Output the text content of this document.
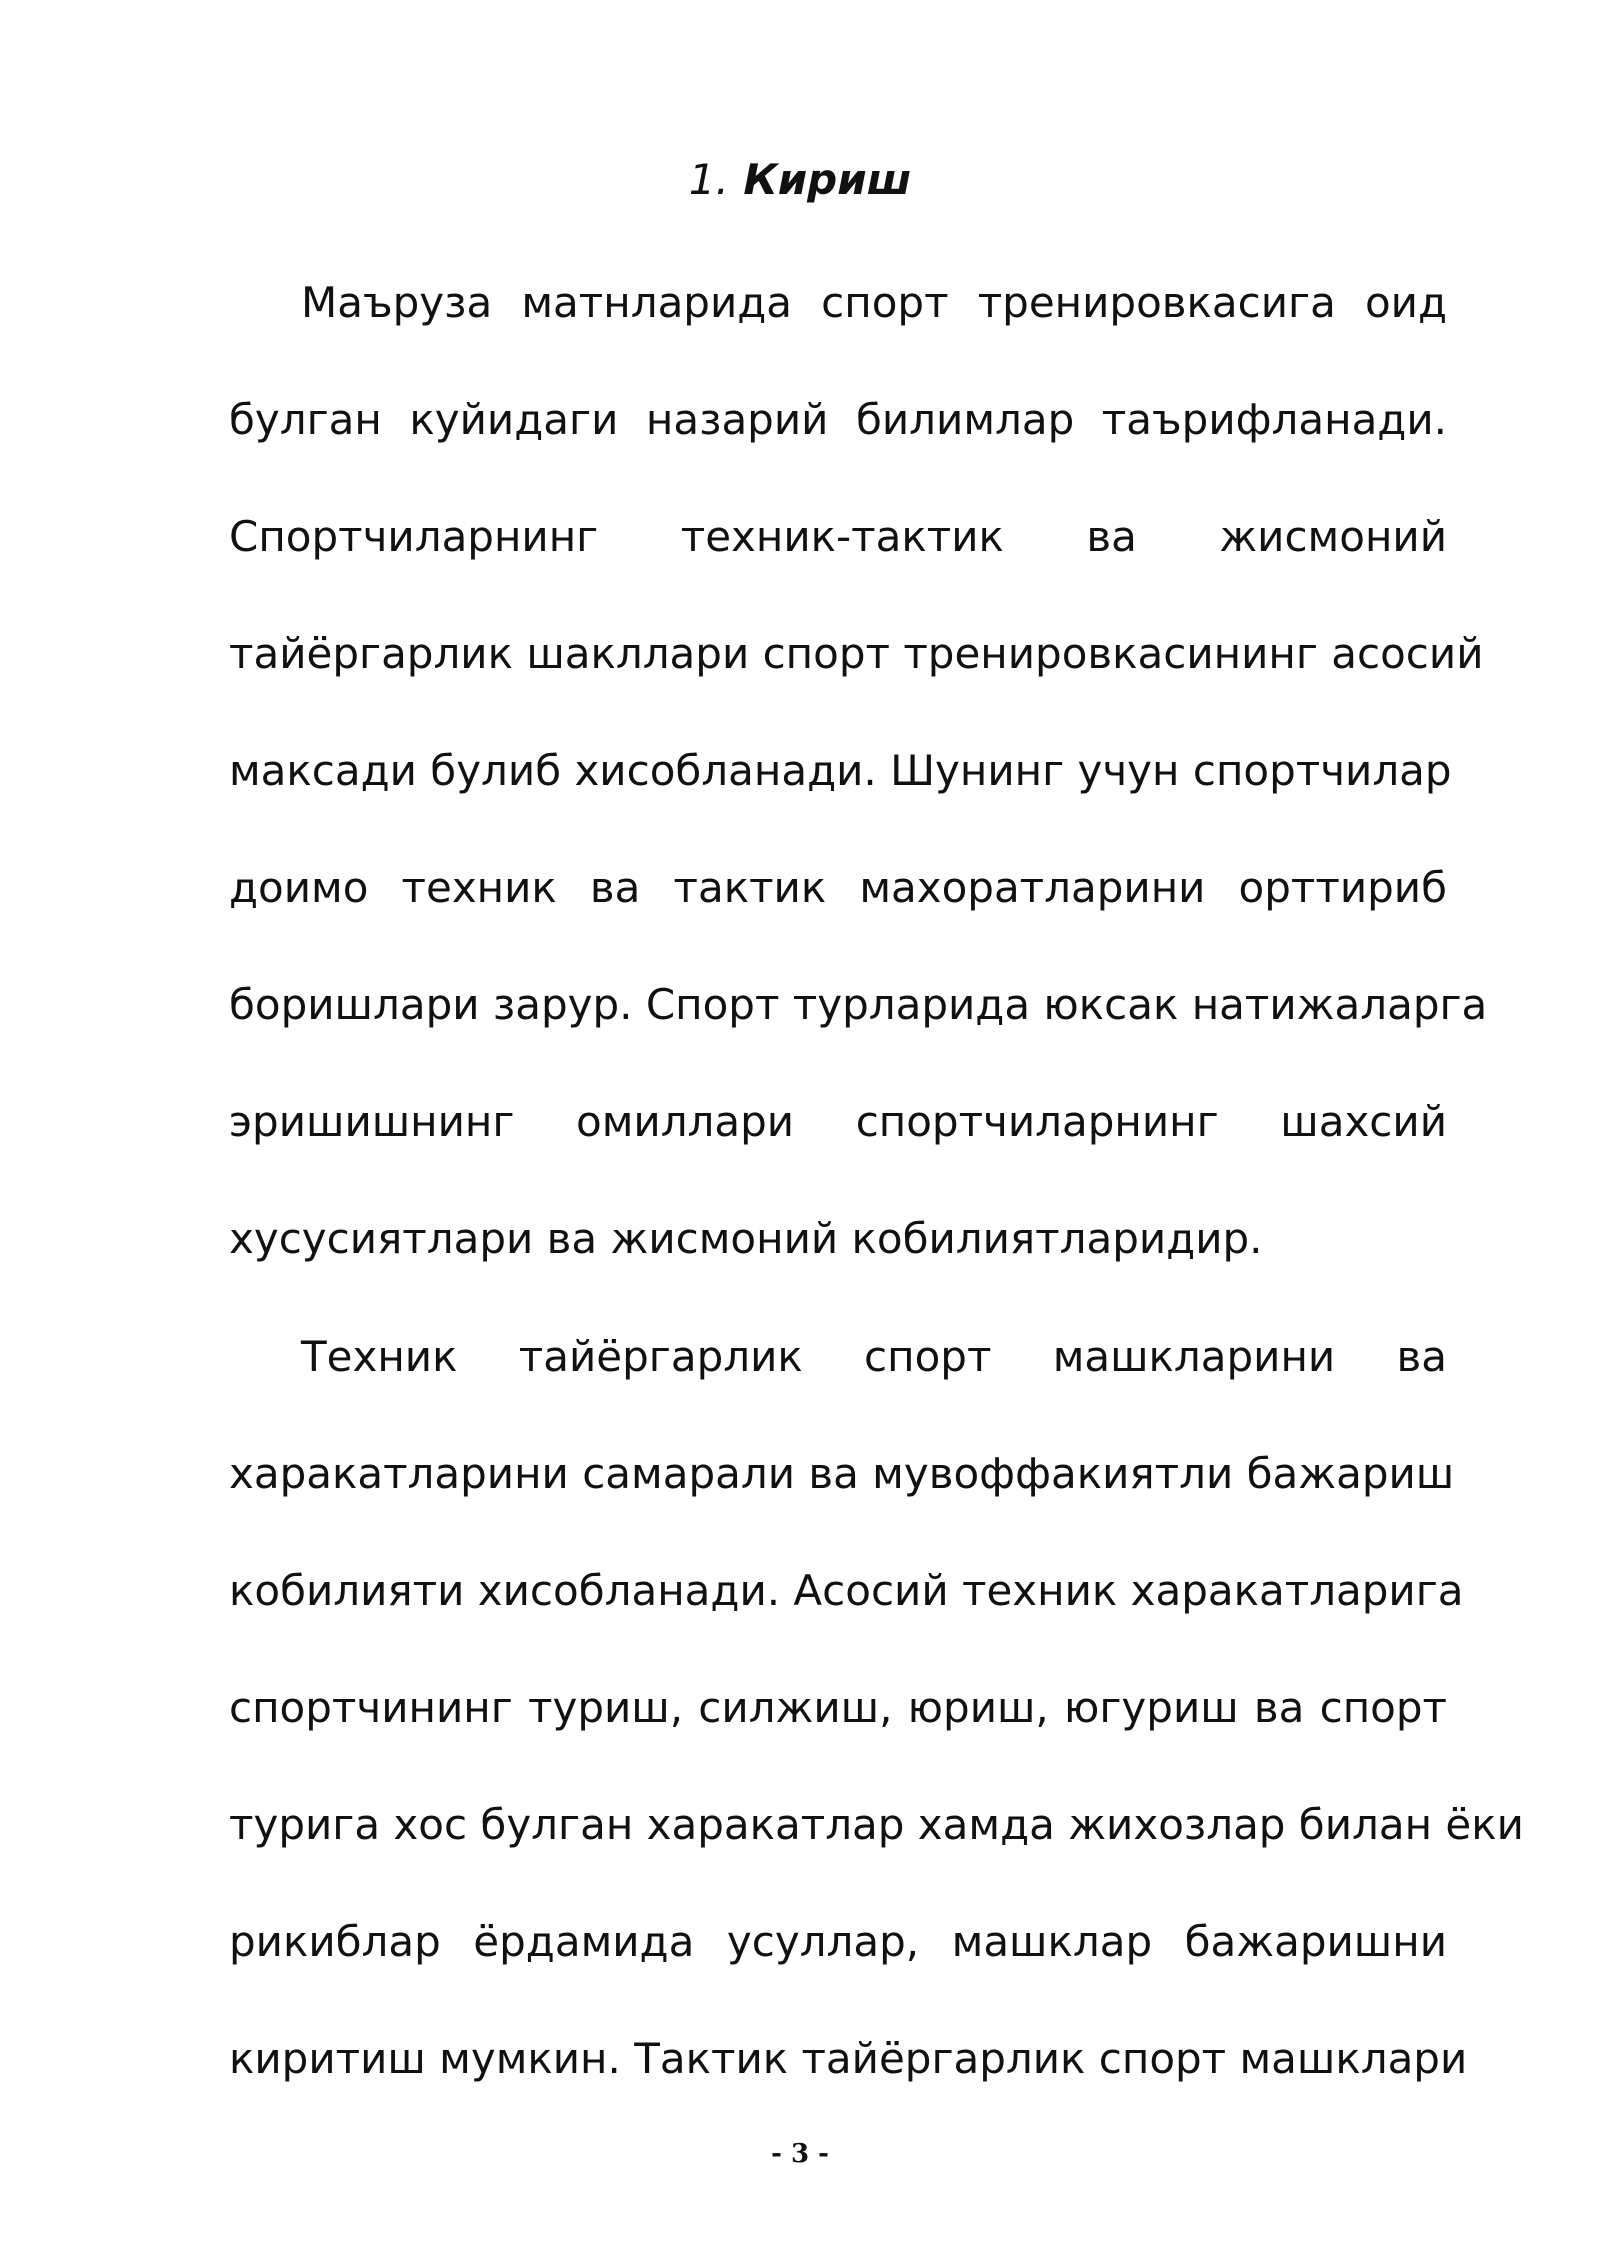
1. Кириш
Маъруза матнларида спорт тренировкасига оид
булган куйидаги назарий билимлар таърифланади.
Спортчиларнинг техник-тактик ва жисмоний
тайёргарлик шакллари спорт тренировкасининг асосий
максади булиб хисобланади. Шунинг учун спортчилар
доимо техник ва тактик махоратларини орттириб
боришлари зарур. Спорт турларида юксак натижаларга
эришишнинг омиллари спортчиларнинг шахсий
хусусиятлари ва жисмоний кобилиятларидир.
Техник тайёргарлик спорт машкларини ва
харакатларини самарали ва мувоффакиятли бажариш
кобилияти хисобланади. Асосий техник харакатларига
спортчининг туриш, силжиш, юриш, югуриш ва спорт
турига хос булган харакатлар хамда жихозлар билан ёки
рикиблар ёрдамида усуллар, машклар бажаришни
киритиш мумкин. Тактик тайёргарлик спорт машклари
- 3 -
